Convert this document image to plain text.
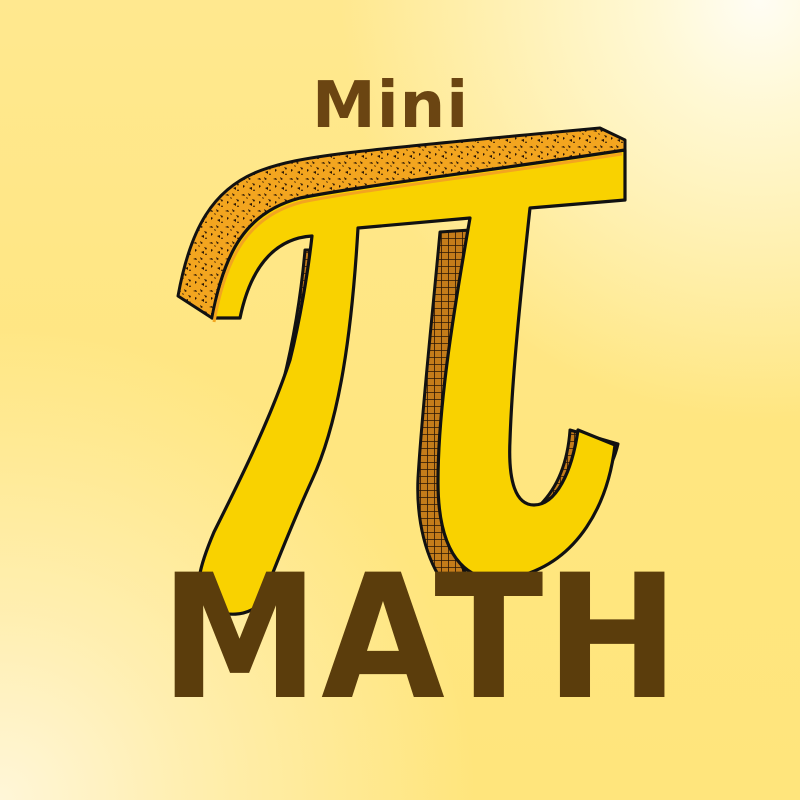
Mini
MATH
